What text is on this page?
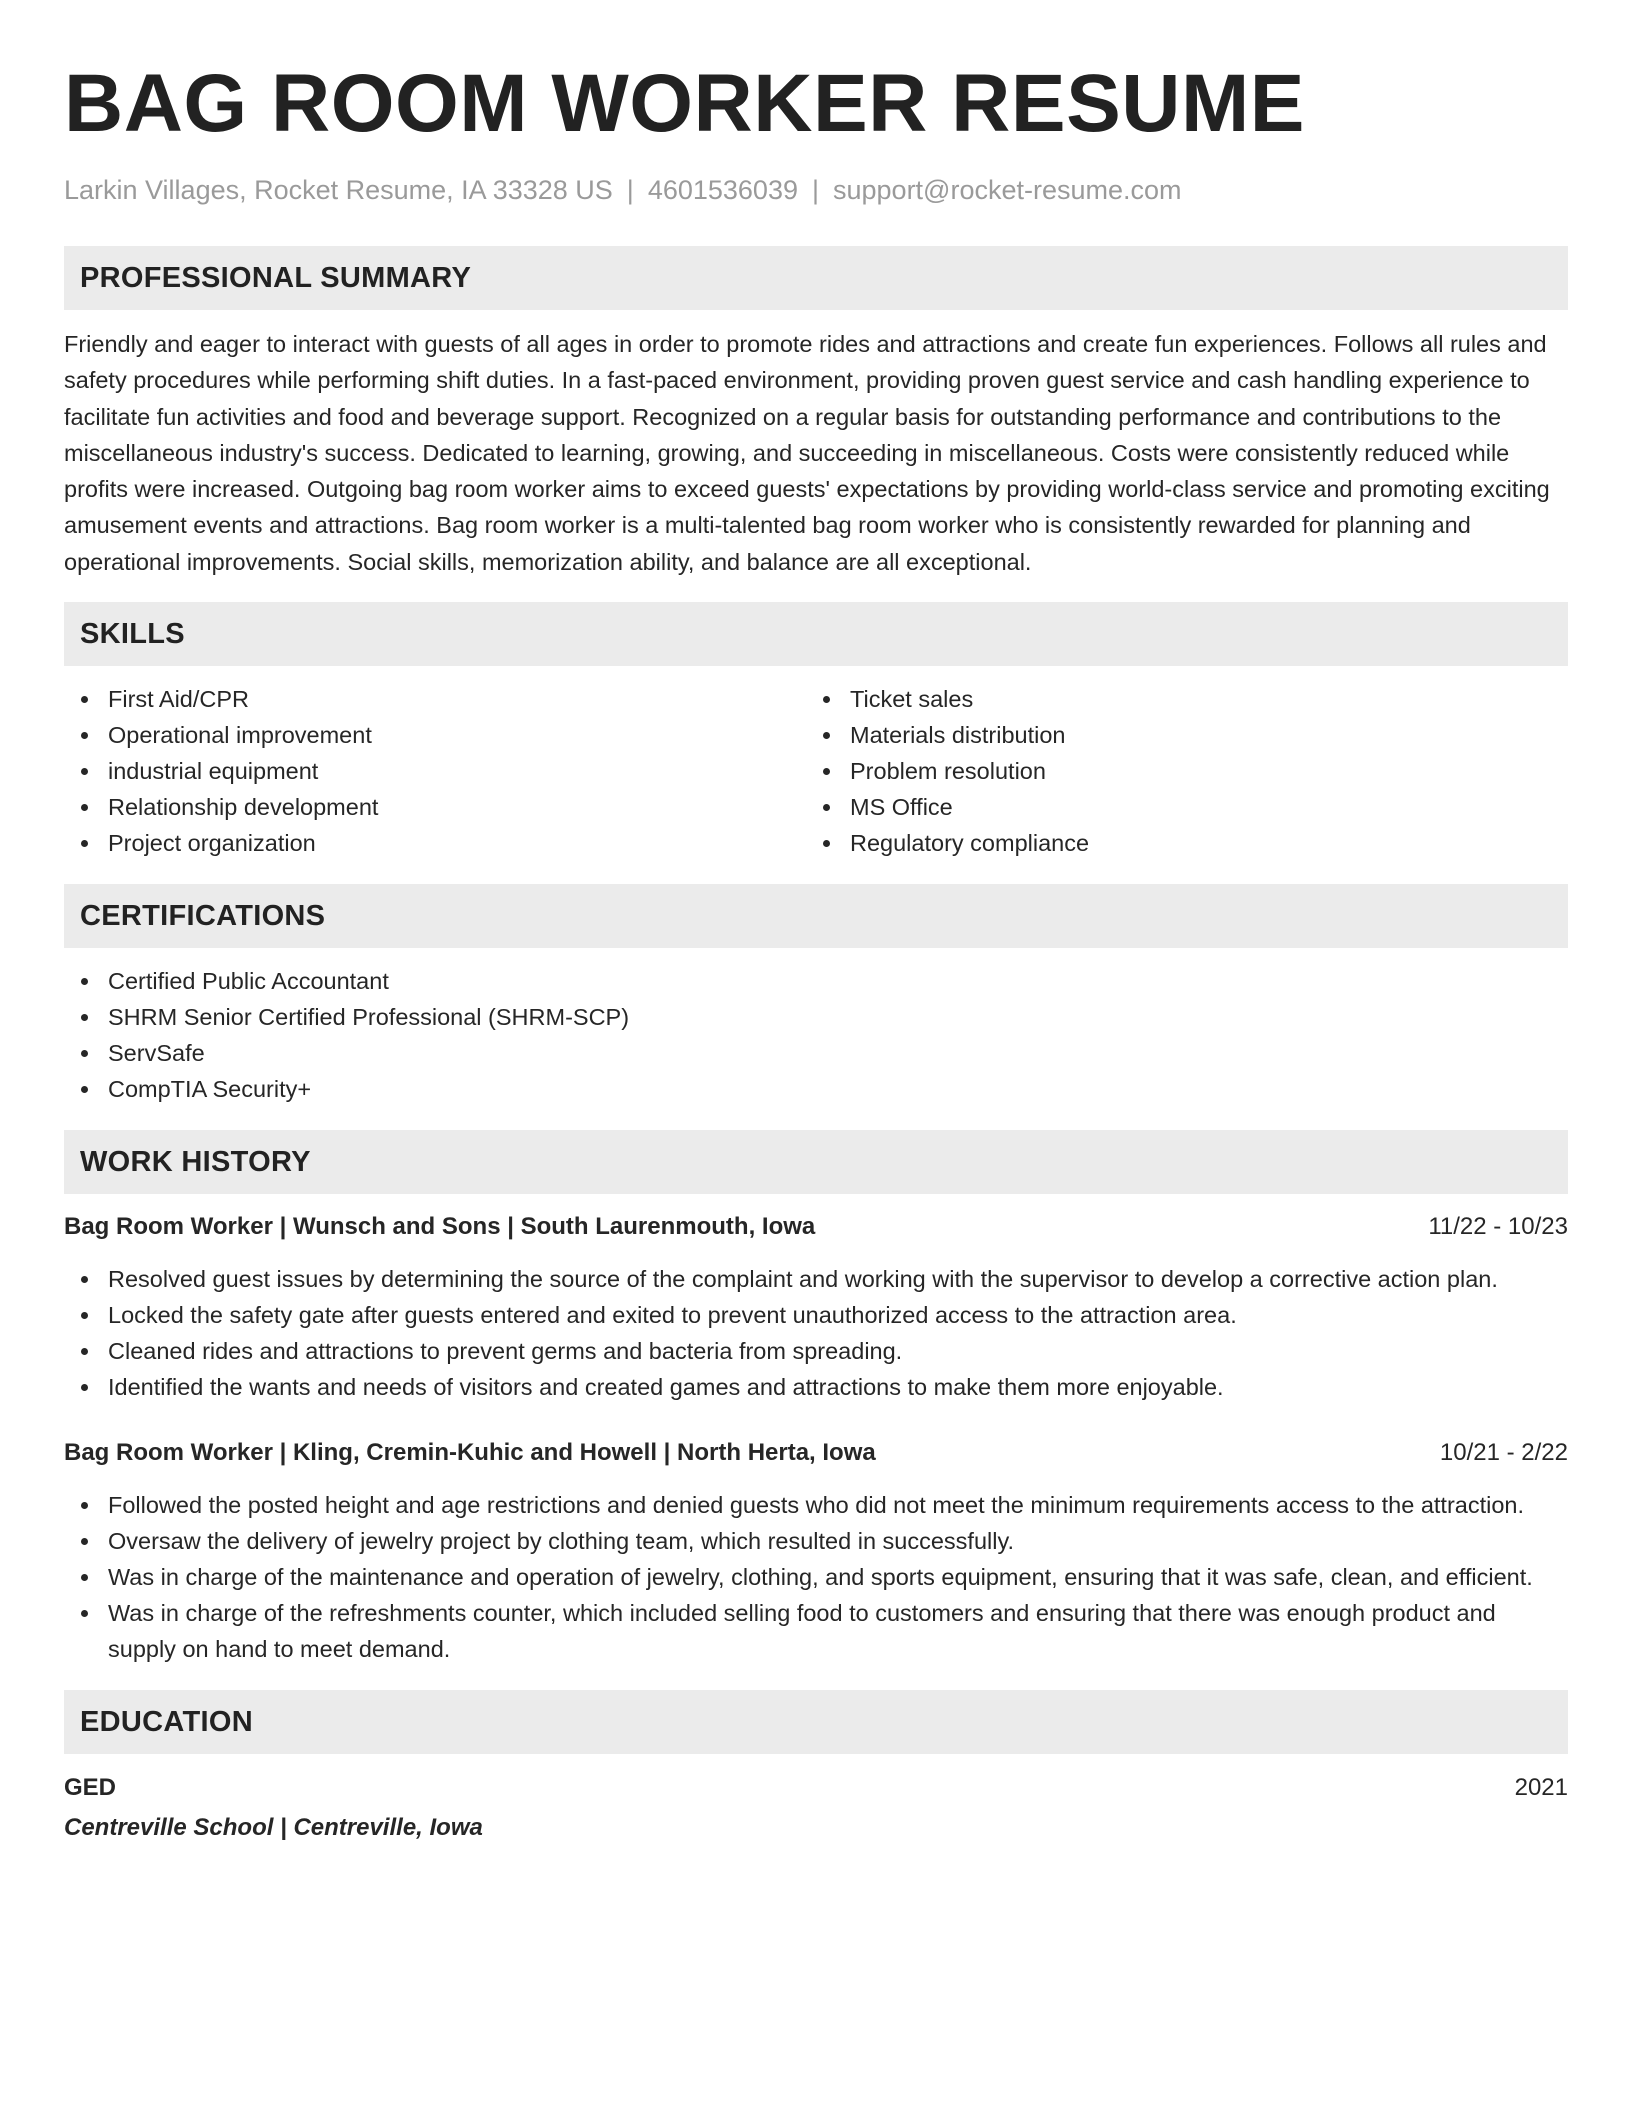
BAG ROOM WORKER RESUME
Larkin Villages, Rocket Resume, IA 33328 US | 4601536039 | support@rocket-resume.com
PROFESSIONAL SUMMARY

Friendly and eager to interact with guests of all ages in order to promote rides and attractions and create fun experiences. Follows all rules and safety procedures while performing shift duties. In a fast-paced environment, providing proven guest service and cash handling experience to facilitate fun activities and food and beverage support. Recognized on a regular basis for outstanding performance and contributions to the miscellaneous industry's success. Dedicated to learning, growing, and succeeding in miscellaneous. Costs were consistently reduced while profits were increased. Outgoing bag room worker aims to exceed guests' expectations by providing world-class service and promoting exciting amusement events and attractions. Bag room worker is a multi-talented bag room worker who is consistently rewarded for planning and operational improvements. Social skills, memorization ability, and balance are all exceptional.

SKILLS
First Aid/CPR
Operational improvement
industrial equipment
Relationship development
Project organization
Ticket sales
Materials distribution
Problem resolution
MS Office
Regulatory compliance
CERTIFICATIONS
Certified Public Accountant
SHRM Senior Certified Professional (SHRM-SCP)
ServSafe
CompTIA Security+
WORK HISTORY
Bag Room Worker | Wunsch and Sons | South Laurenmouth, Iowa	11/22 - 10/23
Resolved guest issues by determining the source of the complaint and working with the supervisor to develop a corrective action plan.
Locked the safety gate after guests entered and exited to prevent unauthorized access to the attraction area.
Cleaned rides and attractions to prevent germs and bacteria from spreading.
Identified the wants and needs of visitors and created games and attractions to make them more enjoyable.
Bag Room Worker | Kling, Cremin-Kuhic and Howell | North Herta, Iowa	10/21 - 2/22
Followed the posted height and age restrictions and denied guests who did not meet the minimum requirements access to the attraction.
Oversaw the delivery of jewelry project by clothing team, which resulted in successfully.
Was in charge of the maintenance and operation of jewelry, clothing, and sports equipment, ensuring that it was safe, clean, and efficient.
Was in charge of the refreshments counter, which included selling food to customers and ensuring that there was enough product and supply on hand to meet demand.
EDUCATION
GED	2021
Centreville School | Centreville, Iowa
